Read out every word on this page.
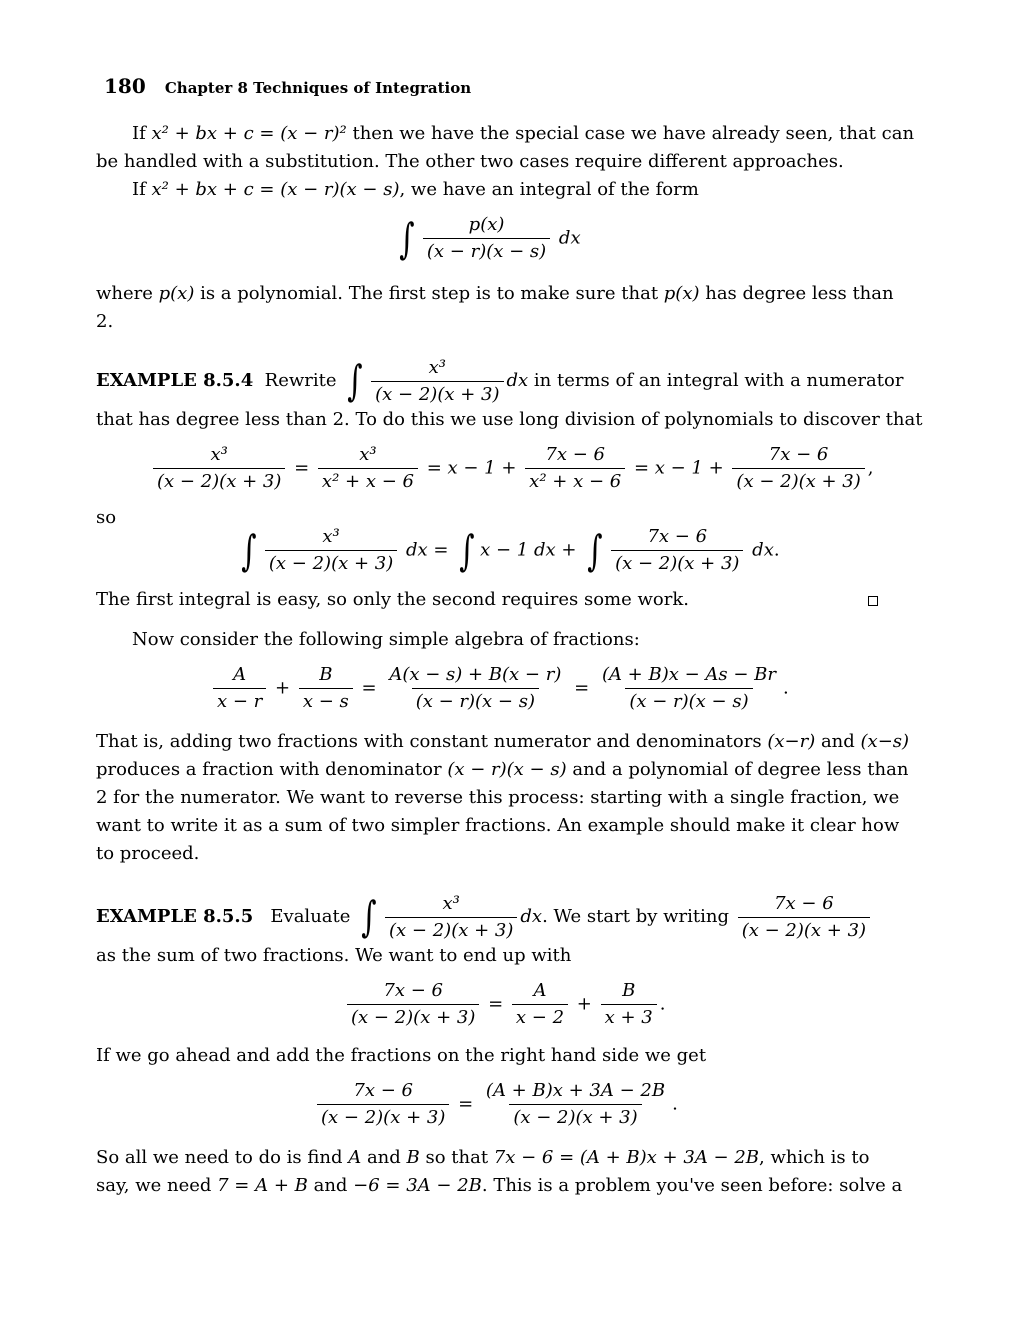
180 Chapter 8 Techniques of Integration
If x² + bx + c = (x − r)² then we have the special case we have already seen, that can
be handled with a substitution. The other two cases require different approaches.
If x² + bx + c = (x − r)(x − s), we have an integral of the form
∫ $\frac{p(x)}{(x - r)(x - s)}$ dx
where p(x) is a polynomial. The first step is to make sure that p(x) has degree less than
2.
EXAMPLE 8.5.4 Rewrite ∫ $\frac{\text{x³}}{(x - 2)(x + 3)}$ dx in terms of an integral with a numerator
that has degree less than 2. To do this we use long division of polynomials to discover that
$\frac{\text{x³}}{(x - 2)(x + 3)} = \frac{\text{x³}}{\text{x² + x − 6}} = x - 1 + \frac{7x - 6}{\text{x² + x − 6}} = x - 1 + \frac{7x - 6}{(x - 2)(x + 3)}$ ,
so
∫ $\frac{\text{x³}}{(x - 2)(x + 3)}$ dx = ∫ x − 1 dx + ∫ $\frac{7x - 6}{(x - 2)(x + 3)}$ dx.
The first integral is easy, so only the second requires some work.
Now consider the following simple algebra of fractions:
$\frac{A}{x - r} + \frac{B}{x - s} = \frac{A(x - s) + B(x - r)}{(x - r)(x - s)} = \frac{(A + B)x - As - Br}{(x - r)(x - s)}$ .
That is, adding two fractions with constant numerator and denominators (x−r) and (x−s)
produces a fraction with denominator (x − r)(x − s) and a polynomial of degree less than
2 for the numerator. We want to reverse this process: starting with a single fraction, we
want to write it as a sum of two simpler fractions. An example should make it clear how
to proceed.
EXAMPLE 8.5.5 Evaluate ∫ $\frac{\text{x³}}{(x - 2)(x + 3)}$ dx. We start by writing $\frac{7x - 6}{(x - 2)(x + 3)}$
as the sum of two fractions. We want to end up with
$\frac{7x - 6}{(x - 2)(x + 3)} = \frac{A}{x - 2} + \frac{B}{x + 3}$ .
If we go ahead and add the fractions on the right hand side we get
$\frac{7x - 6}{(x - 2)(x + 3)} = \frac{(A + B)x + 3A - 2B}{(x - 2)(x + 3)}$ .
So all we need to do is find A and B so that 7x − 6 = (A + B)x + 3A − 2B, which is to
say, we need 7 = A + B and −6 = 3A − 2B. This is a problem you've seen before: solve a
